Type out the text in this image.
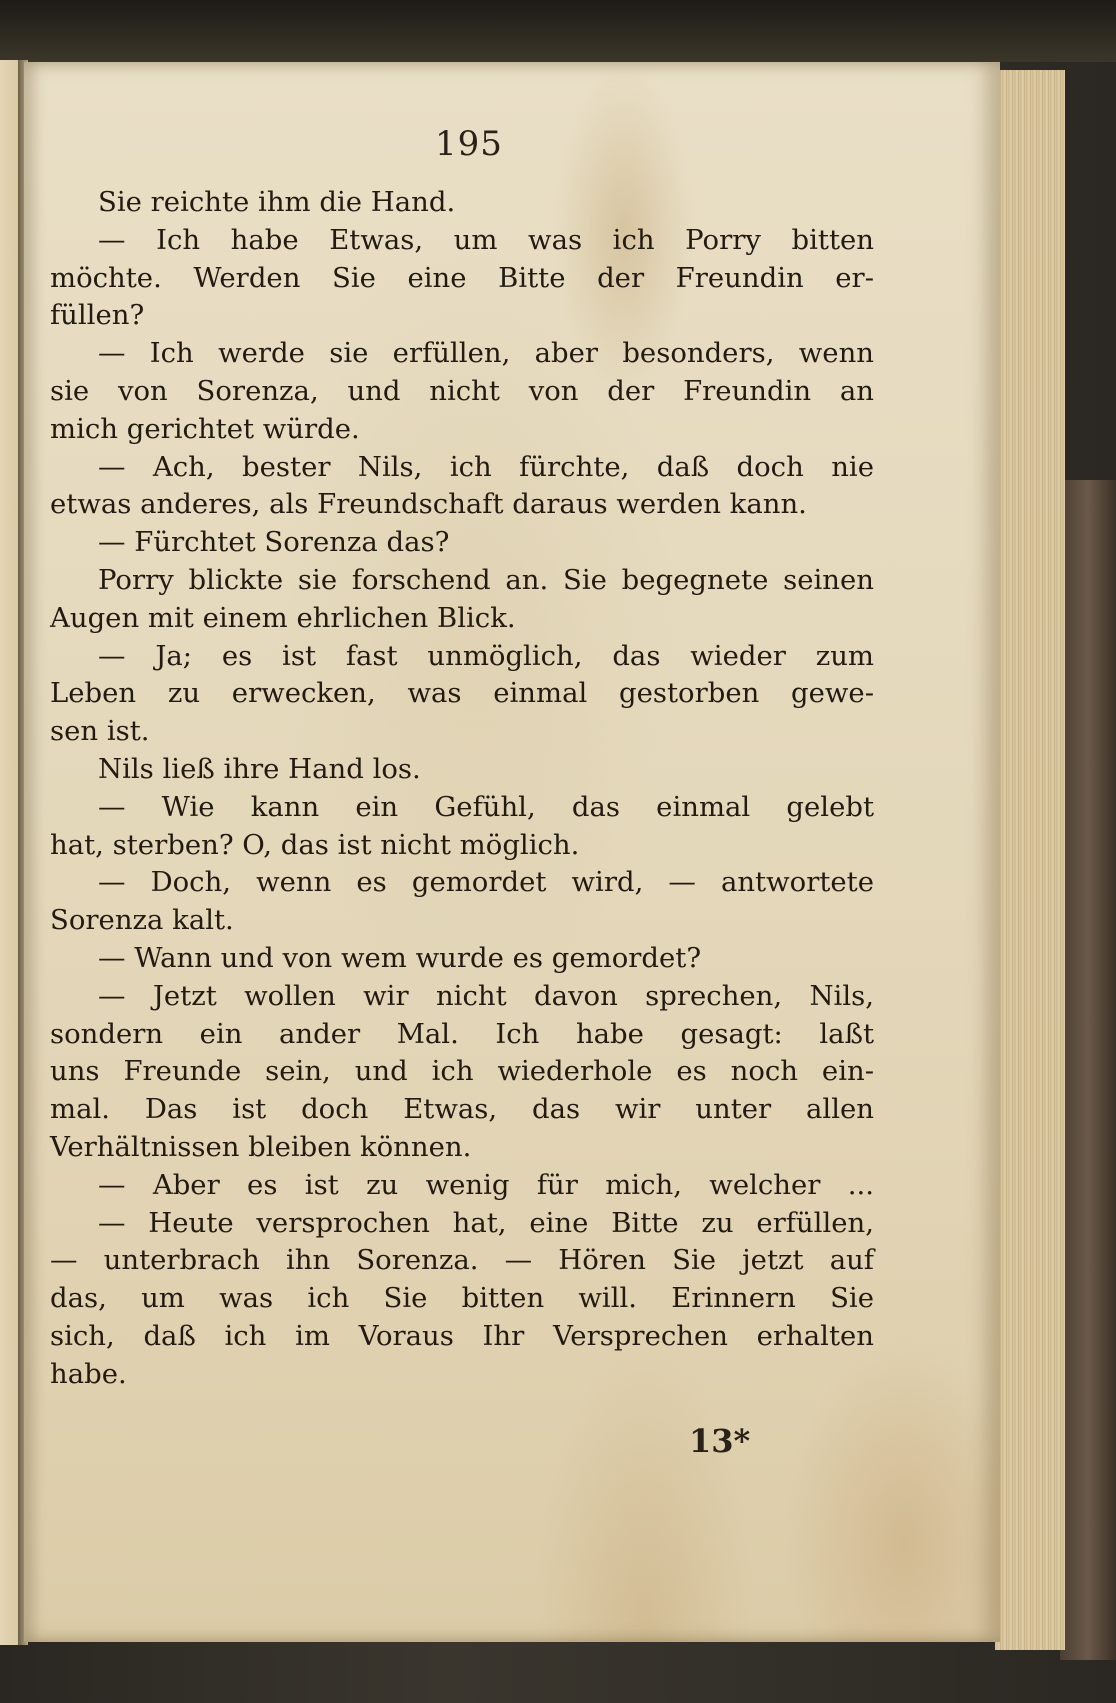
195
Sie reichte ihm die Hand.
— Ich habe Etwas, um was ich Porry bitten
möchte. Werden Sie eine Bitte der Freundin er-
füllen?
— Ich werde sie erfüllen, aber besonders, wenn
sie von Sorenza, und nicht von der Freundin an
mich gerichtet würde.
— Ach, bester Nils, ich fürchte, daß doch nie
etwas anderes, als Freundschaft daraus werden kann.
— Fürchtet Sorenza das?
Porry blickte sie forschend an. Sie begegnete seinen
Augen mit einem ehrlichen Blick.
— Ja; es ist fast unmöglich, das wieder zum
Leben zu erwecken, was einmal gestorben gewe-
sen ist.
Nils ließ ihre Hand los.
— Wie kann ein Gefühl, das einmal gelebt
hat, sterben? O, das ist nicht möglich.
— Doch, wenn es gemordet wird, — antwortete
Sorenza kalt.
— Wann und von wem wurde es gemordet?
— Jetzt wollen wir nicht davon sprechen, Nils,
sondern ein ander Mal. Ich habe gesagt: laßt
uns Freunde sein, und ich wiederhole es noch ein-
mal. Das ist doch Etwas, das wir unter allen
Verhältnissen bleiben können.
— Aber es ist zu wenig für mich, welcher ...
— Heute versprochen hat, eine Bitte zu erfüllen,
— unterbrach ihn Sorenza. — Hören Sie jetzt auf
das, um was ich Sie bitten will. Erinnern Sie
sich, daß ich im Voraus Ihr Versprechen erhalten
habe.
13*
